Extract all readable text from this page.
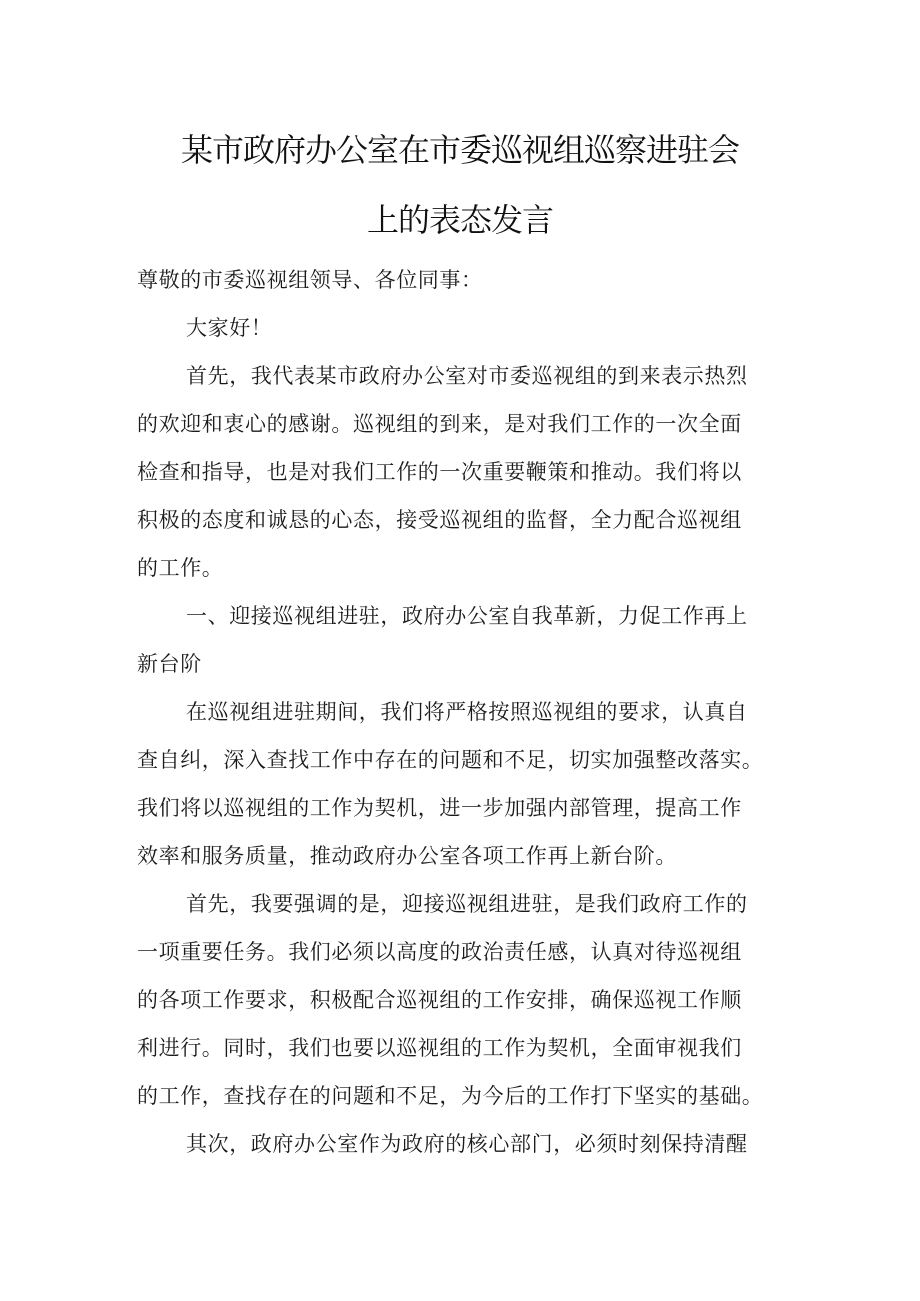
某市政府办公室在市委巡视组巡察进驻会
上的表态发言
尊敬的市委巡视组领导、各位同事：
大家好！
首先，我代表某市政府办公室对市委巡视组的到来表示热烈
的欢迎和衷心的感谢。巡视组的到来，是对我们工作的一次全面
检查和指导，也是对我们工作的一次重要鞭策和推动。我们将以
积极的态度和诚恳的心态，接受巡视组的监督，全力配合巡视组
的工作。
一、迎接巡视组进驻，政府办公室自我革新，力促工作再上
新台阶
在巡视组进驻期间，我们将严格按照巡视组的要求，认真自
查自纠，深入查找工作中存在的问题和不足，切实加强整改落实。
我们将以巡视组的工作为契机，进一步加强内部管理，提高工作
效率和服务质量，推动政府办公室各项工作再上新台阶。
首先，我要强调的是，迎接巡视组进驻，是我们政府工作的
一项重要任务。我们必须以高度的政治责任感，认真对待巡视组
的各项工作要求，积极配合巡视组的工作安排，确保巡视工作顺
利进行。同时，我们也要以巡视组的工作为契机，全面审视我们
的工作，查找存在的问题和不足，为今后的工作打下坚实的基础。
其次，政府办公室作为政府的核心部门，必须时刻保持清醒
